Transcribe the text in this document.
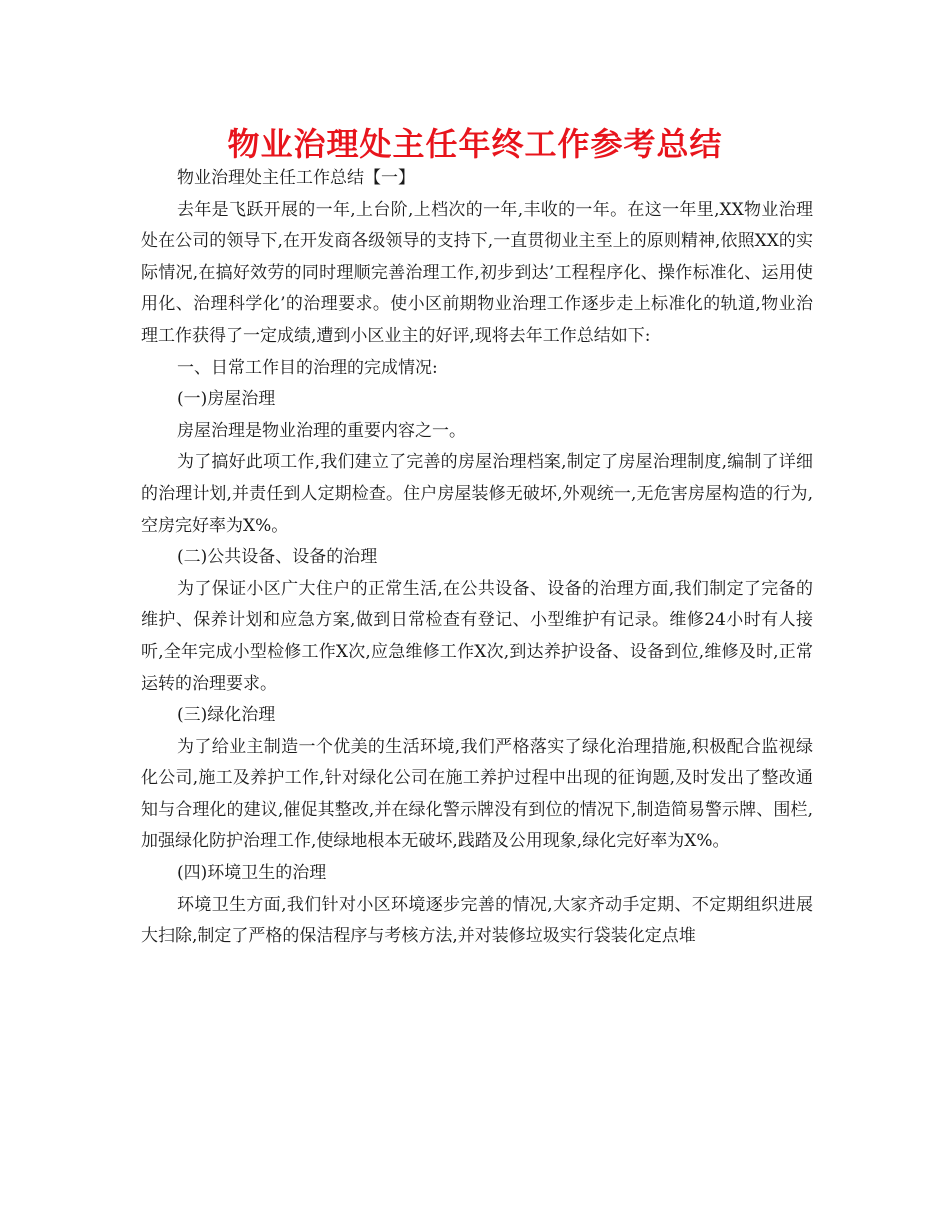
物业治理处主任年终工作参考总结

物业治理处主任工作总结【一】

去年是飞跃开展的一年,上台阶,上档次的一年,丰收的一年。在这一年里,XX物业治理处在公司的领导下,在开发商各级领导的支持下,一直贯彻业主至上的原则精神,依照XX的实际情况,在搞好效劳的同时理顺完善治理工作,初步到达’工程程序化、操作标准化、运用使用化、治理科学化’的治理要求。使小区前期物业治理工作逐步走上标准化的轨道,物业治理工作获得了一定成绩,遭到小区业主的好评,现将去年工作总结如下:

一、日常工作目的治理的完成情况:

(一)房屋治理

房屋治理是物业治理的重要内容之一。

为了搞好此项工作,我们建立了完善的房屋治理档案,制定了房屋治理制度,编制了详细的治理计划,并责任到人定期检查。住户房屋装修无破坏,外观统一,无危害房屋构造的行为,空房完好率为X%。

(二)公共设备、设备的治理

为了保证小区广大住户的正常生活,在公共设备、设备的治理方面,我们制定了完备的维护、保养计划和应急方案,做到日常检查有登记、小型维护有记录。维修24小时有人接听,全年完成小型检修工作X次,应急维修工作X次,到达养护设备、设备到位,维修及时,正常运转的治理要求。

(三)绿化治理

为了给业主制造一个优美的生活环境,我们严格落实了绿化治理措施,积极配合监视绿化公司,施工及养护工作,针对绿化公司在施工养护过程中出现的征询题,及时发出了整改通知与合理化的建议,催促其整改,并在绿化警示牌没有到位的情况下,制造简易警示牌、围栏,加强绿化防护治理工作,使绿地根本无破坏,践踏及公用现象,绿化完好率为X%。

(四)环境卫生的治理

环境卫生方面,我们针对小区环境逐步完善的情况,大家齐动手定期、不定期组织进展大扫除,制定了严格的保洁程序与考核方法,并对装修垃圾实行袋装化定点堆
